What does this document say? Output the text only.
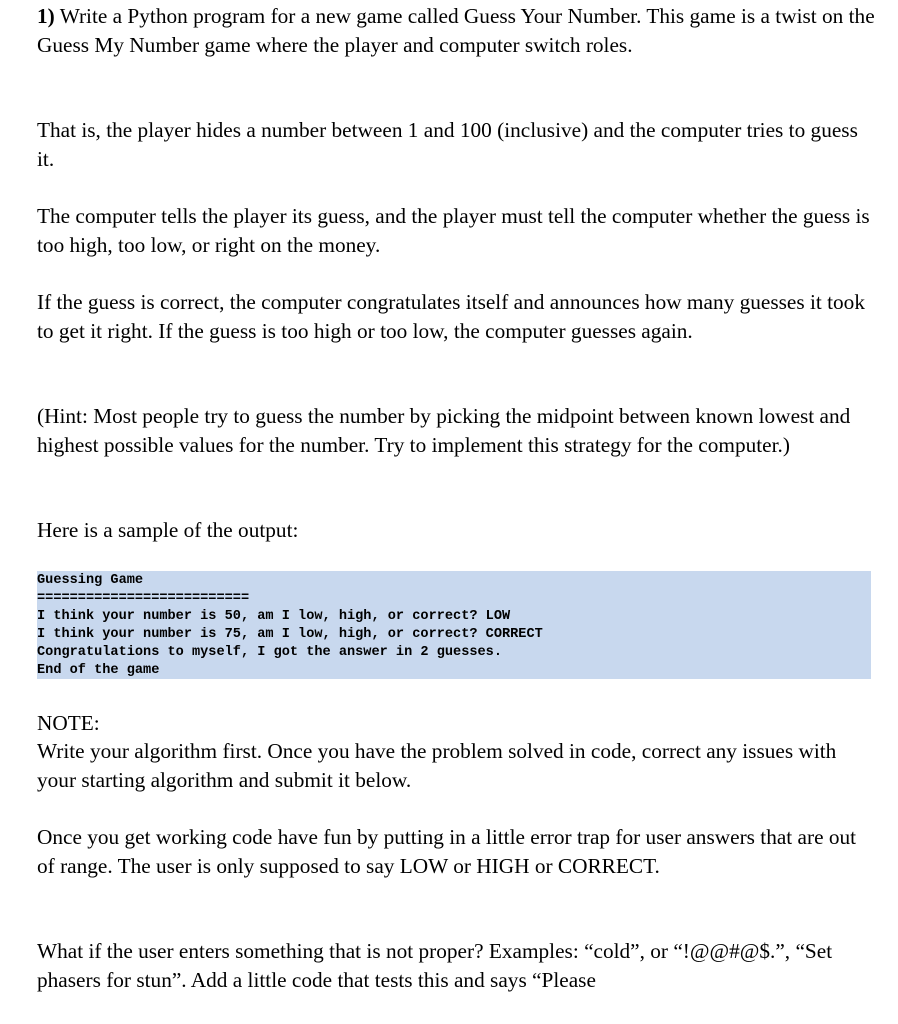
1) Write a Python program for a new game called Guess Your Number. This game is a twist on the Guess My Number game where the player and computer switch roles.

That is, the player hides a number between 1 and 100 (inclusive) and the computer tries to guess it.

The computer tells the player its guess, and the player must tell the computer whether the guess is too high, too low, or right on the money.

If the guess is correct, the computer congratulates itself and announces how many guesses it took to get it right. If the guess is too high or too low, the computer guesses again.

(Hint: Most people try to guess the number by picking the midpoint between known lowest and highest possible values for the number. Try to implement this strategy for the computer.)

Here is a sample of the output:

Guessing Game
==========================
I think your number is 50, am I low, high, or correct? LOW
I think your number is 75, am I low, high, or correct? CORRECT
Congratulations to myself, I got the answer in 2 guesses.
End of the game

NOTE:

Write your algorithm first. Once you have the problem solved in code, correct any issues with your starting algorithm and submit it below.

Once you get working code have fun by putting in a little error trap for user answers that are out of range. The user is only supposed to say LOW or HIGH or CORRECT.

What if the user enters something that is not proper? Examples: “cold”, or “!@@#@$.”, “Set phasers for stun”. Add a little code that tests this and says “Please
